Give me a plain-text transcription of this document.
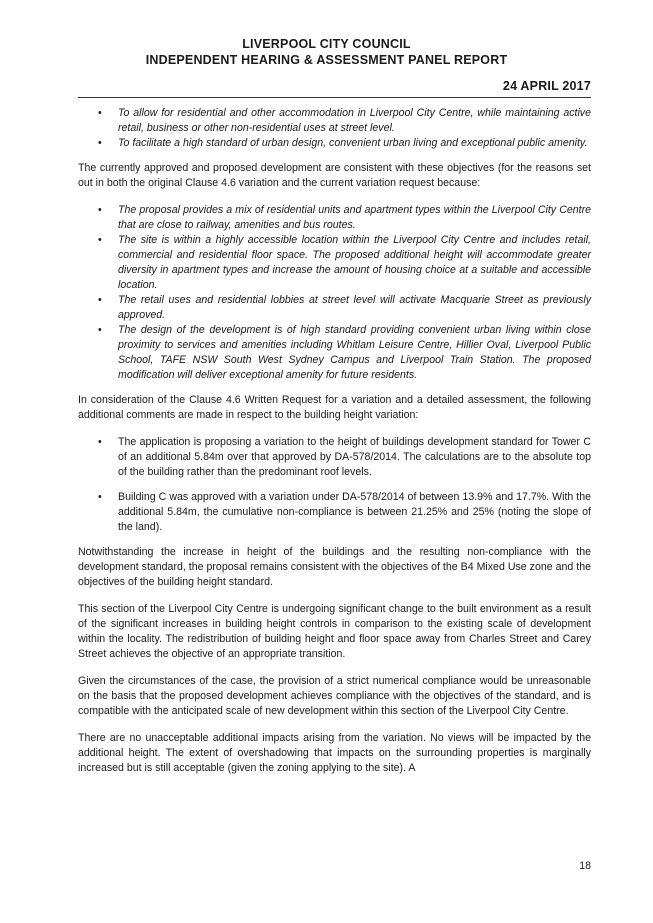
LIVERPOOL CITY COUNCIL
INDEPENDENT HEARING & ASSESSMENT PANEL REPORT
24 APRIL 2017
• To allow for residential and other accommodation in Liverpool City Centre, while maintaining active retail, business or other non-residential uses at street level.
• To facilitate a high standard of urban design, convenient urban living and exceptional public amenity.

The currently approved and proposed development are consistent with these objectives (for the reasons set out in both the original Clause 4.6 variation and the current variation request because:

• The proposal provides a mix of residential units and apartment types within the Liverpool City Centre that are close to railway, amenities and bus routes.
• The site is within a highly accessible location within the Liverpool City Centre and includes retail, commercial and residential floor space. The proposed additional height will accommodate greater diversity in apartment types and increase the amount of housing choice at a suitable and accessible location.
• The retail uses and residential lobbies at street level will activate Macquarie Street as previously approved.
• The design of the development is of high standard providing convenient urban living within close proximity to services and amenities including Whitlam Leisure Centre, Hillier Oval, Liverpool Public School, TAFE NSW South West Sydney Campus and Liverpool Train Station. The proposed modification will deliver exceptional amenity for future residents.

In consideration of the Clause 4.6 Written Request for a variation and a detailed assessment, the following additional comments are made in respect to the building height variation:

• The application is proposing a variation to the height of buildings development standard for Tower C of an additional 5.84m over that approved by DA-578/2014. The calculations are to the absolute top of the building rather than the predominant roof levels.
• Building C was approved with a variation under DA-578/2014 of between 13.9% and 17.7%. With the additional 5.84m, the cumulative non-compliance is between 21.25% and 25% (noting the slope of the land).

Notwithstanding the increase in height of the buildings and the resulting non-compliance with the development standard, the proposal remains consistent with the objectives of the B4 Mixed Use zone and the objectives of the building height standard.

This section of the Liverpool City Centre is undergoing significant change to the built environment as a result of the significant increases in building height controls in comparison to the existing scale of development within the locality. The redistribution of building height and floor space away from Charles Street and Carey Street achieves the objective of an appropriate transition.

Given the circumstances of the case, the provision of a strict numerical compliance would be unreasonable on the basis that the proposed development achieves compliance with the objectives of the standard, and is compatible with the anticipated scale of new development within this section of the Liverpool City Centre.

There are no unacceptable additional impacts arising from the variation. No views will be impacted by the additional height. The extent of overshadowing that impacts on the surrounding properties is marginally increased but is still acceptable (given the zoning applying to the site). A

18
